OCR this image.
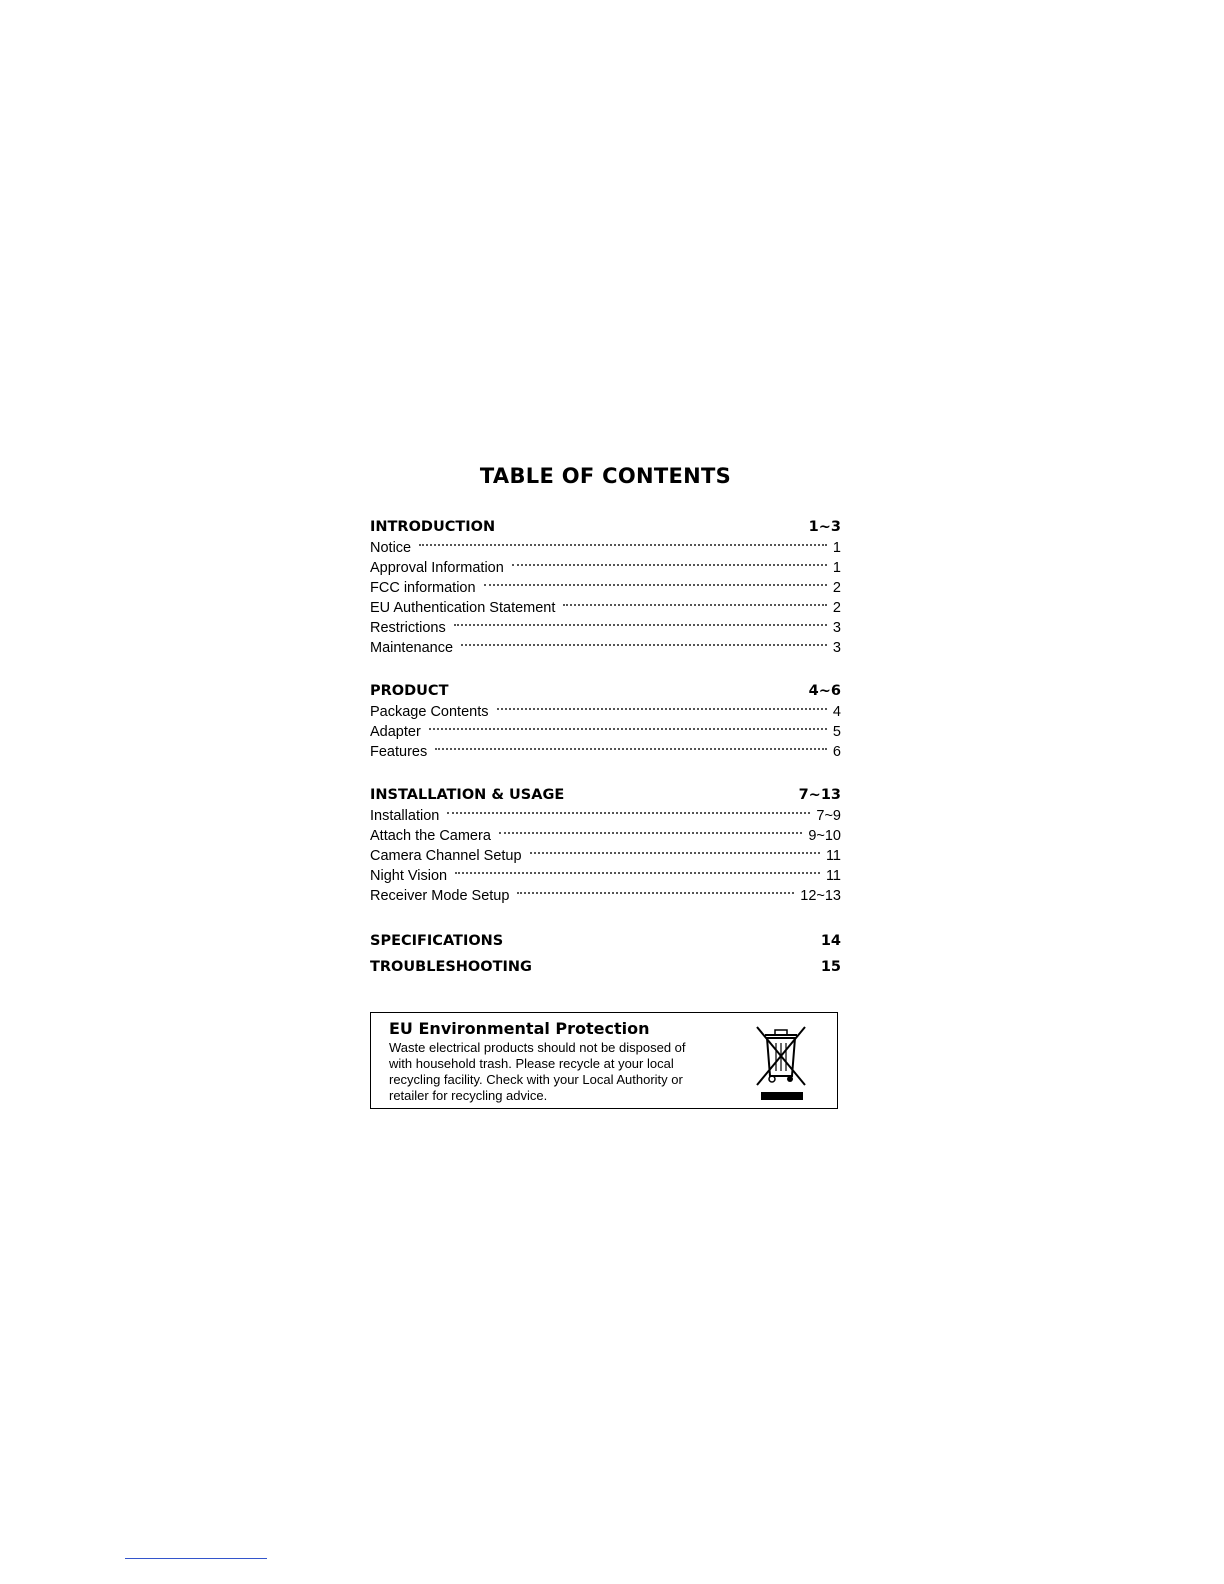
TABLE OF CONTENTS
INTRODUCTION	1~3
Notice	1
Approval Information	1
FCC information	2
EU Authentication Statement	2
Restrictions	3
Maintenance	3
PRODUCT	4~6
Package Contents	4
Adapter	5
Features	6
INSTALLATION & USAGE	7~13
Installation	7~9
Attach the Camera	9~10
Camera Channel Setup	11
Night Vision	11
Receiver Mode Setup	12~13
SPECIFICATIONS	14
TROUBLESHOOTING	15
EU Environmental Protection
Waste electrical products should not be disposed of
with household trash. Please recycle at your local
recycling facility. Check with your Local Authority or
retailer for recycling advice.
